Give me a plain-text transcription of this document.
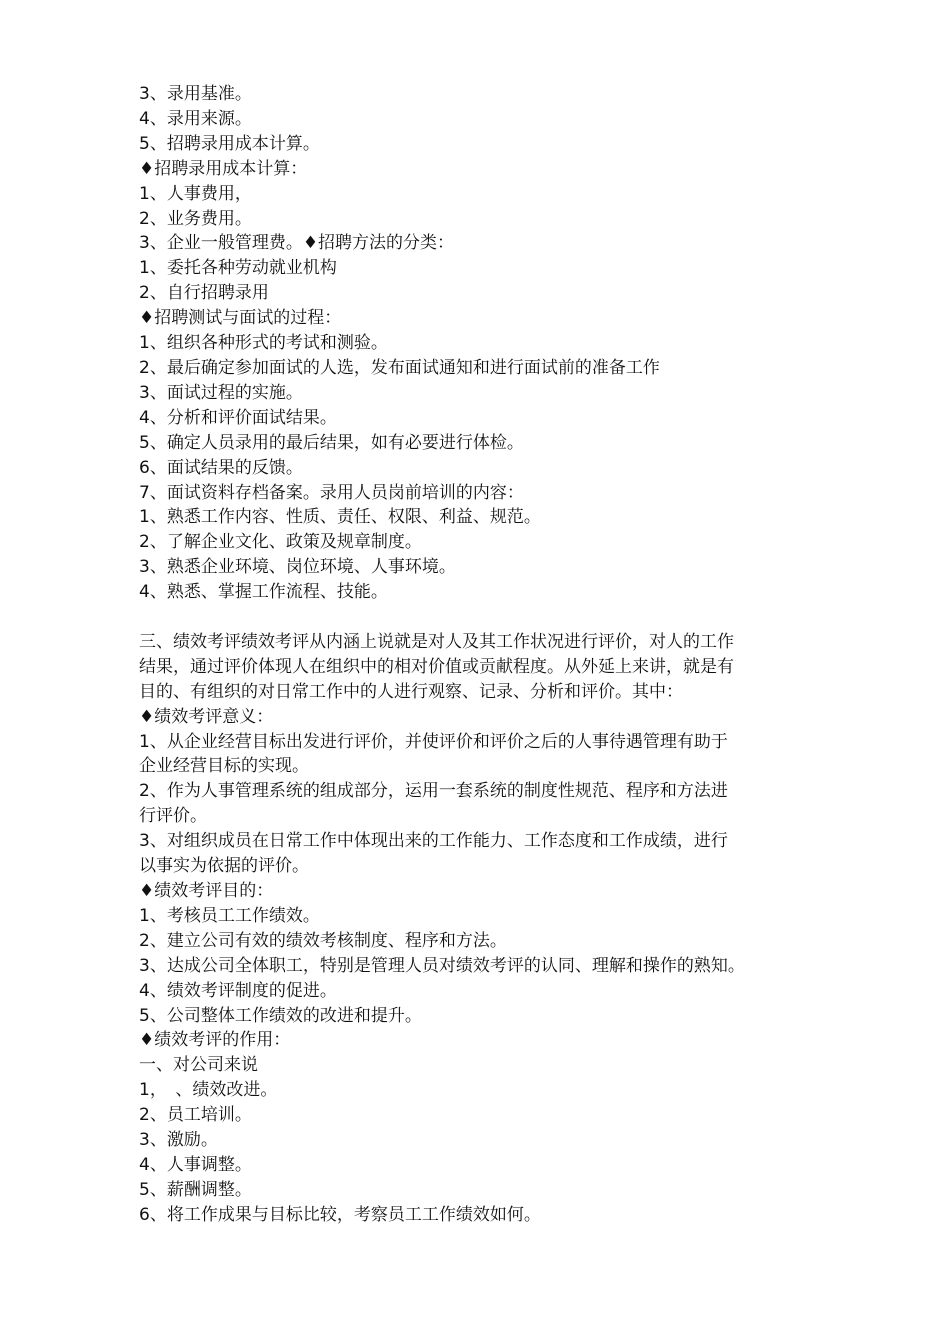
3、录用基准。
4、录用来源。
5、招聘录用成本计算。
♦招聘录用成本计算：
1、人事费用，
2、业务费用。
3、企业一般管理费。♦招聘方法的分类：
1、委托各种劳动就业机构
2、自行招聘录用
♦招聘测试与面试的过程：
1、组织各种形式的考试和测验。
2、最后确定参加面试的人选，发布面试通知和进行面试前的准备工作
3、面试过程的实施。
4、分析和评价面试结果。
5、确定人员录用的最后结果，如有必要进行体检。
6、面试结果的反馈。
7、面试资料存档备案。录用人员岗前培训的内容：
1、熟悉工作内容、性质、责任、权限、利益、规范。
2、了解企业文化、政策及规章制度。
3、熟悉企业环境、岗位环境、人事环境。
4、熟悉、掌握工作流程、技能。
三、绩效考评绩效考评从内涵上说就是对人及其工作状况进行评价，对人的工作
结果，通过评价体现人在组织中的相对价值或贡献程度。从外延上来讲，就是有
目的、有组织的对日常工作中的人进行观察、记录、分析和评价。其中：
♦绩效考评意义：
1、从企业经营目标出发进行评价，并使评价和评价之后的人事待遇管理有助于
企业经营目标的实现。
2、作为人事管理系统的组成部分，运用一套系统的制度性规范、程序和方法进
行评价。
3、对组织成员在日常工作中体现出来的工作能力、工作态度和工作成绩，进行
以事实为依据的评价。
♦绩效考评目的：
1、考核员工工作绩效。
2、建立公司有效的绩效考核制度、程序和方法。
3、达成公司全体职工，特别是管理人员对绩效考评的认同、理解和操作的熟知。
4、绩效考评制度的促进。
5、公司整体工作绩效的改进和提升。
♦绩效考评的作用：
一、对公司来说
1，　、绩效改进。
2、员工培训。
3、激励。
4、人事调整。
5、薪酬调整。
6、将工作成果与目标比较，考察员工工作绩效如何。
